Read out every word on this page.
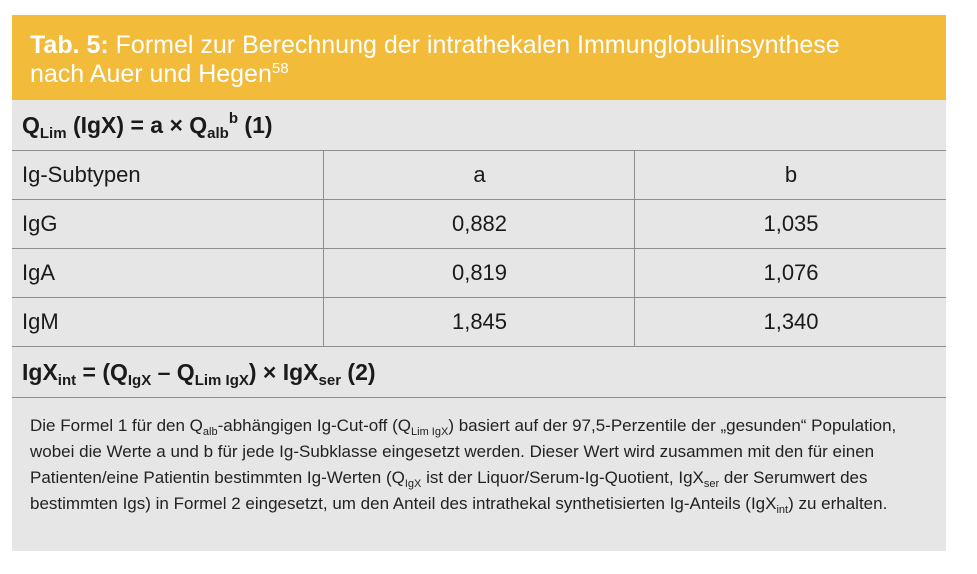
Tab. 5: Formel zur Berechnung der intrathekalen Immunglobulinsynthese
nach Auer und Hegen$^{58}$
$Q_{Lim}$ $(IgX) = a \times Q_{alb}^b$ (1)
Ig-Subtypen	a	b
IgG	0,882	1,035
IgA	0,819	1,076
IgM	1,845	1,340
$IgX_{int} = (Q_{IgX} - Q_{Lim IgX}) \times IgX_{ser}$ (2)
Die Formel 1 für den $Q_{alb}$-abhängigen Ig-Cut-off $(Q_{Lim IgX})$ basiert auf der 97,5-Perzentile der „gesunden“ Population, wobei die Werte a und b für jede Ig-Subklasse eingesetzt werden. Dieser Wert wird zusammen mit den für einen Patienten/eine Patientin bestimmten Ig-Werten ($Q_{IgX}$ ist der Liquor/Serum-Ig-Quotient, IgX$_{ser}$ der Serumwert des bestimmten Igs) in Formel 2 eingesetzt, um den Anteil des intrathekal synthetisierten Ig-Anteils (IgX$_{int}$) zu erhalten.
